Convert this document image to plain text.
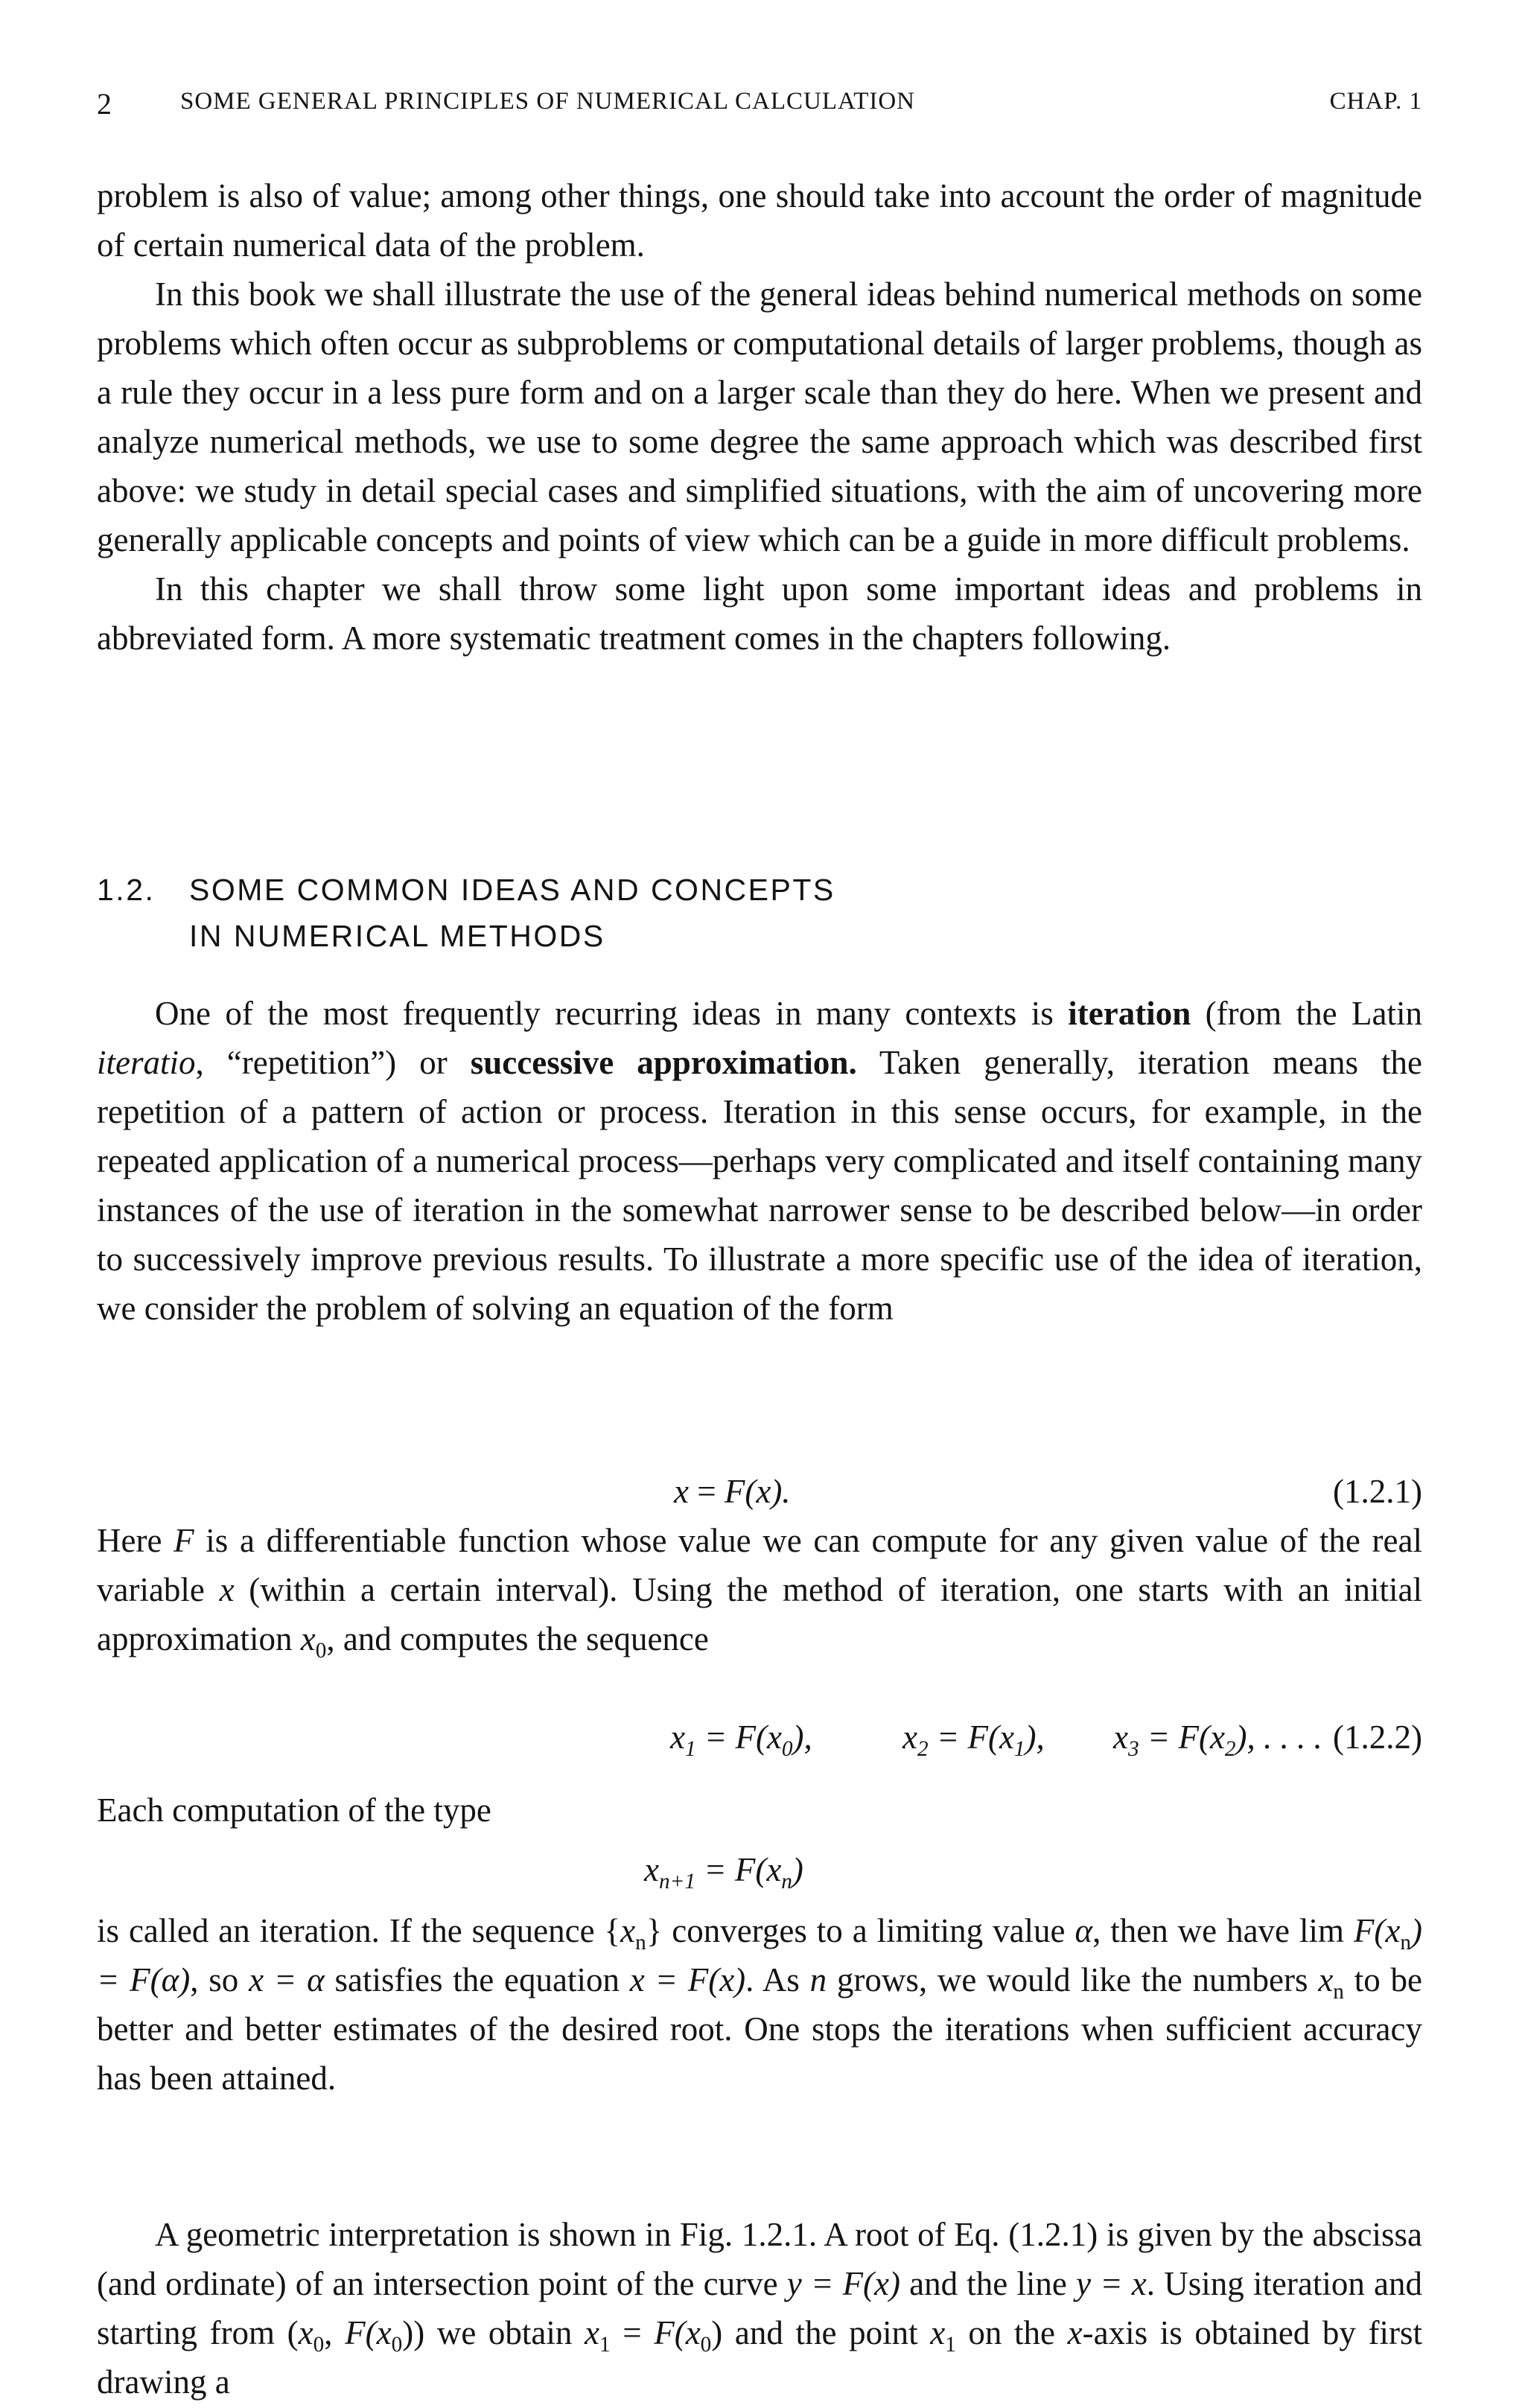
2	SOME GENERAL PRINCIPLES OF NUMERICAL CALCULATION	CHAP. 1

problem is also of value; among other things, one should take into account the order of magnitude of certain numerical data of the problem.

In this book we shall illustrate the use of the general ideas behind numerical methods on some problems which often occur as subproblems or computational details of larger problems, though as a rule they occur in a less pure form and on a larger scale than they do here. When we present and analyze numerical methods, we use to some degree the same approach which was described first above: we study in detail special cases and simplified situations, with the aim of uncovering more generally applicable concepts and points of view which can be a guide in more difficult problems.

In this chapter we shall throw some light upon some important ideas and problems in abbreviated form. A more systematic treatment comes in the chapters following.

1.2. SOME COMMON IDEAS AND CONCEPTS
IN NUMERICAL METHODS

One of the most frequently recurring ideas in many contexts is iteration (from the Latin iteratio, “repetition”) or successive approximation. Taken generally, iteration means the repetition of a pattern of action or process. Iteration in this sense occurs, for example, in the repeated application of a numerical process—perhaps very complicated and itself containing many instances of the use of iteration in the somewhat narrower sense to be described below—in order to successively improve previous results. To illustrate a more specific use of the idea of iteration, we consider the problem of solving an equation of the form

x = F(x).	(1.2.1)

Here F is a differentiable function whose value we can compute for any given value of the real variable x (within a certain interval). Using the method of iteration, one starts with an initial approximation $x_0$, and computes the sequence

$x_1 = F(x_0)$,	$x_2 = F(x_1)$, $x_3 = F(x_2)$, . . . . (1.2.2)

Each computation of the type

$x_{n+1} = F(x_n)$

is called an iteration. If the sequence $\{x_n\}$ converges to a limiting value α, then we have $\lim F(x_n) = F(\alpha)$, so x = α satisfies the equation x = F(x). As n grows, we would like the numbers $x_n$ to be better and better estimates of the desired root. One stops the iterations when sufficient accuracy has been attained.

A geometric interpretation is shown in Fig. 1.2.1. A root of Eq. (1.2.1) is given by the abscissa (and ordinate) of an intersection point of the curve y = F(x) and the line y = x. Using iteration and starting from ($x_0$, $F(x_0)$) we obtain $x_1 = F(x_0)$ and the point $x_1$ on the x-axis is obtained by first drawing a
